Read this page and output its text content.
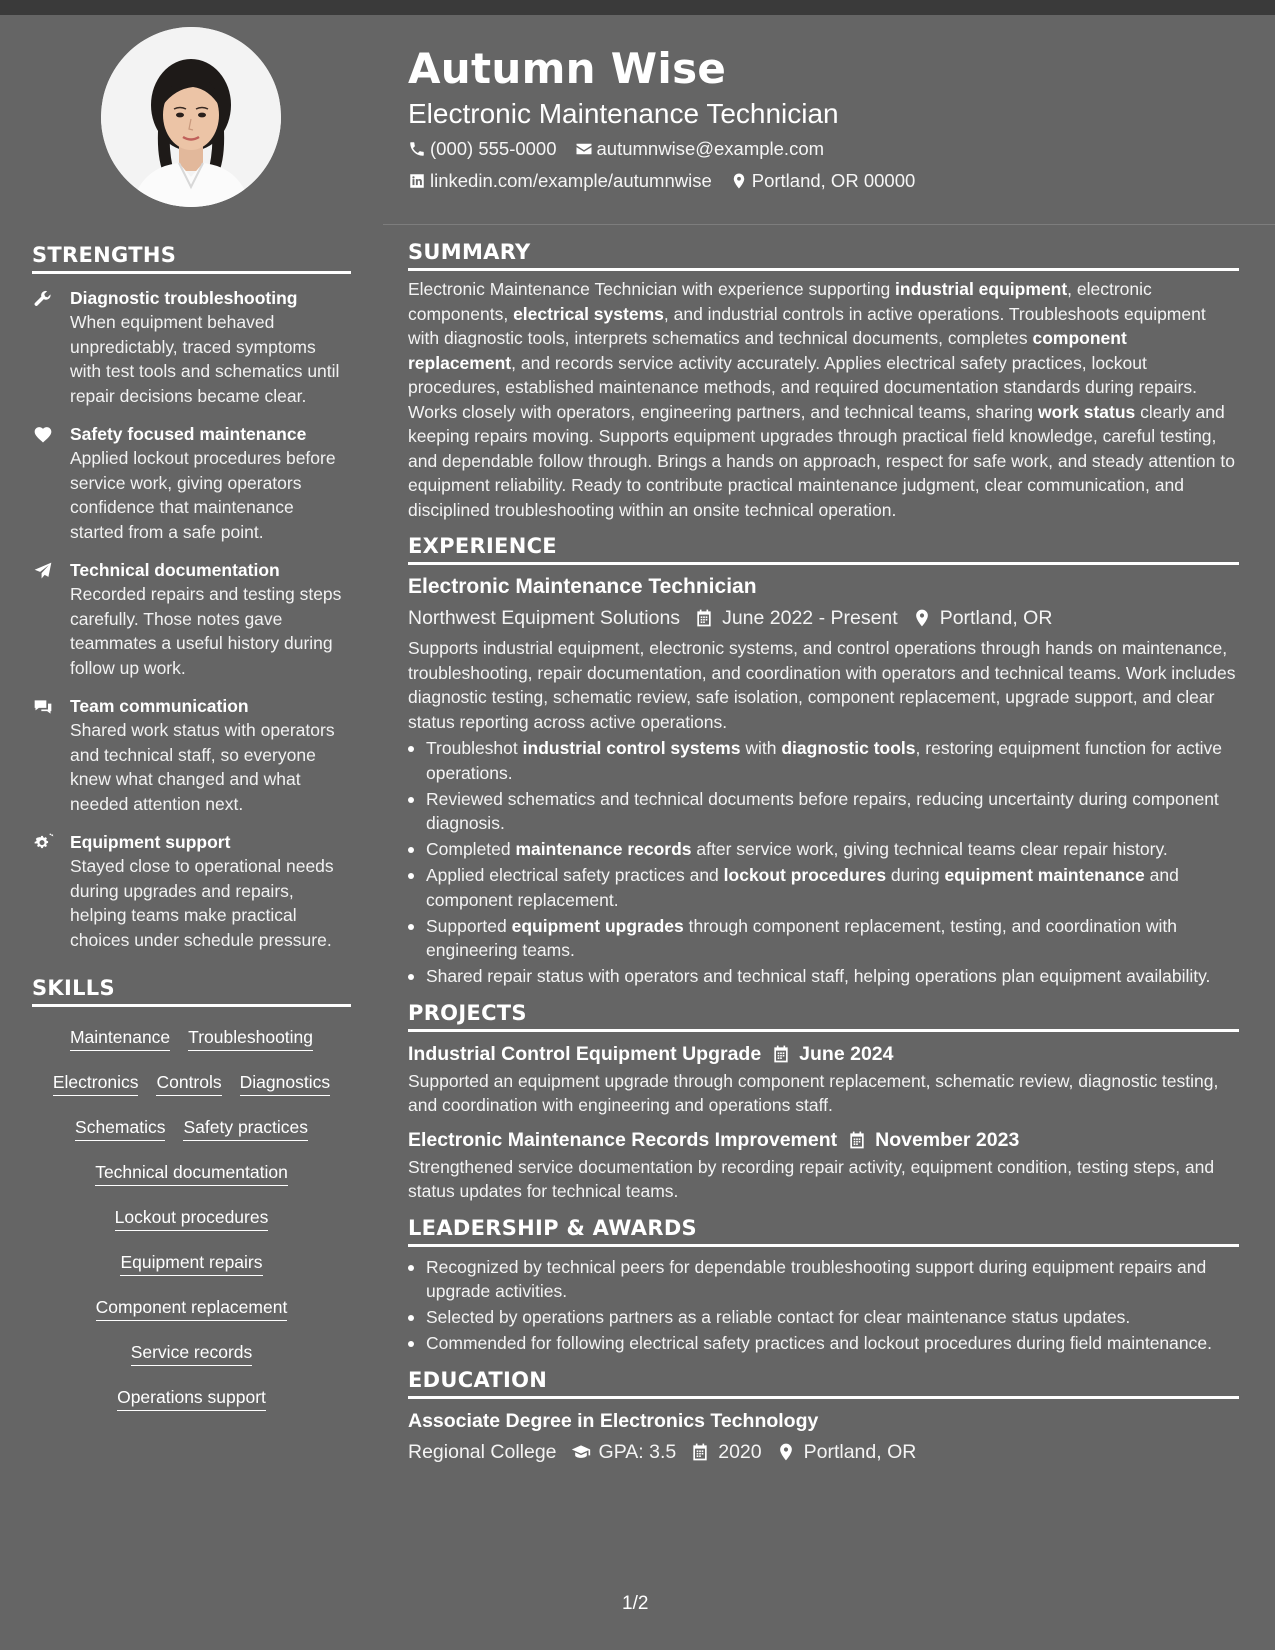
STRENGTHS
Diagnostic troubleshooting
When equipment behaved unpredictably, traced symptoms with test tools and schematics until repair decisions became clear.
Safety focused maintenance
Applied lockout procedures before service work, giving operators confidence that maintenance started from a safe point.
Technical documentation
Recorded repairs and testing steps carefully. Those notes gave teammates a useful history during follow up work.
Team communication
Shared work status with operators and technical staff, so everyone knew what changed and what needed attention next.
Equipment support
Stayed close to operational needs during upgrades and repairs, helping teams make practical choices under schedule pressure.
SKILLS
Maintenance Troubleshooting
Electronics Controls Diagnostics
Schematics Safety practices
Technical documentation
Lockout procedures
Equipment repairs
Component replacement
Service records
Operations support
Autumn Wise
Electronic Maintenance Technician
(000) 555-0000 autumnwise@example.com
linkedin.com/example/autumnwise Portland, OR 00000
SUMMARY
Electronic Maintenance Technician with experience supporting industrial equipment, electronic components, electrical systems, and industrial controls in active operations. Troubleshoots equipment with diagnostic tools, interprets schematics and technical documents, completes component replacement, and records service activity accurately. Applies electrical safety practices, lockout procedures, established maintenance methods, and required documentation standards during repairs. Works closely with operators, engineering partners, and technical teams, sharing work status clearly and keeping repairs moving. Supports equipment upgrades through practical field knowledge, careful testing, and dependable follow through. Brings a hands on approach, respect for safe work, and steady attention to equipment reliability. Ready to contribute practical maintenance judgment, clear communication, and disciplined troubleshooting within an onsite technical operation.
EXPERIENCE
Electronic Maintenance Technician
Northwest Equipment Solutions June 2022 - Present Portland, OR
Supports industrial equipment, electronic systems, and control operations through hands on maintenance, troubleshooting, repair documentation, and coordination with operators and technical teams. Work includes diagnostic testing, schematic review, safe isolation, component replacement, upgrade support, and clear status reporting across active operations.
Troubleshot industrial control systems with diagnostic tools, restoring equipment function for active operations.
Reviewed schematics and technical documents before repairs, reducing uncertainty during component diagnosis.
Completed maintenance records after service work, giving technical teams clear repair history.
Applied electrical safety practices and lockout procedures during equipment maintenance and component replacement.
Supported equipment upgrades through component replacement, testing, and coordination with engineering teams.
Shared repair status with operators and technical staff, helping operations plan equipment availability.
PROJECTS
Industrial Control Equipment Upgrade June 2024
Supported an equipment upgrade through component replacement, schematic review, diagnostic testing, and coordination with engineering and operations staff.
Electronic Maintenance Records Improvement November 2023
Strengthened service documentation by recording repair activity, equipment condition, testing steps, and status updates for technical teams.
LEADERSHIP & AWARDS
Recognized by technical peers for dependable troubleshooting support during equipment repairs and upgrade activities.
Selected by operations partners as a reliable contact for clear maintenance status updates.
Commended for following electrical safety practices and lockout procedures during field maintenance.
EDUCATION
Associate Degree in Electronics Technology
Regional College GPA: 3.5 2020 Portland, OR
1/2
